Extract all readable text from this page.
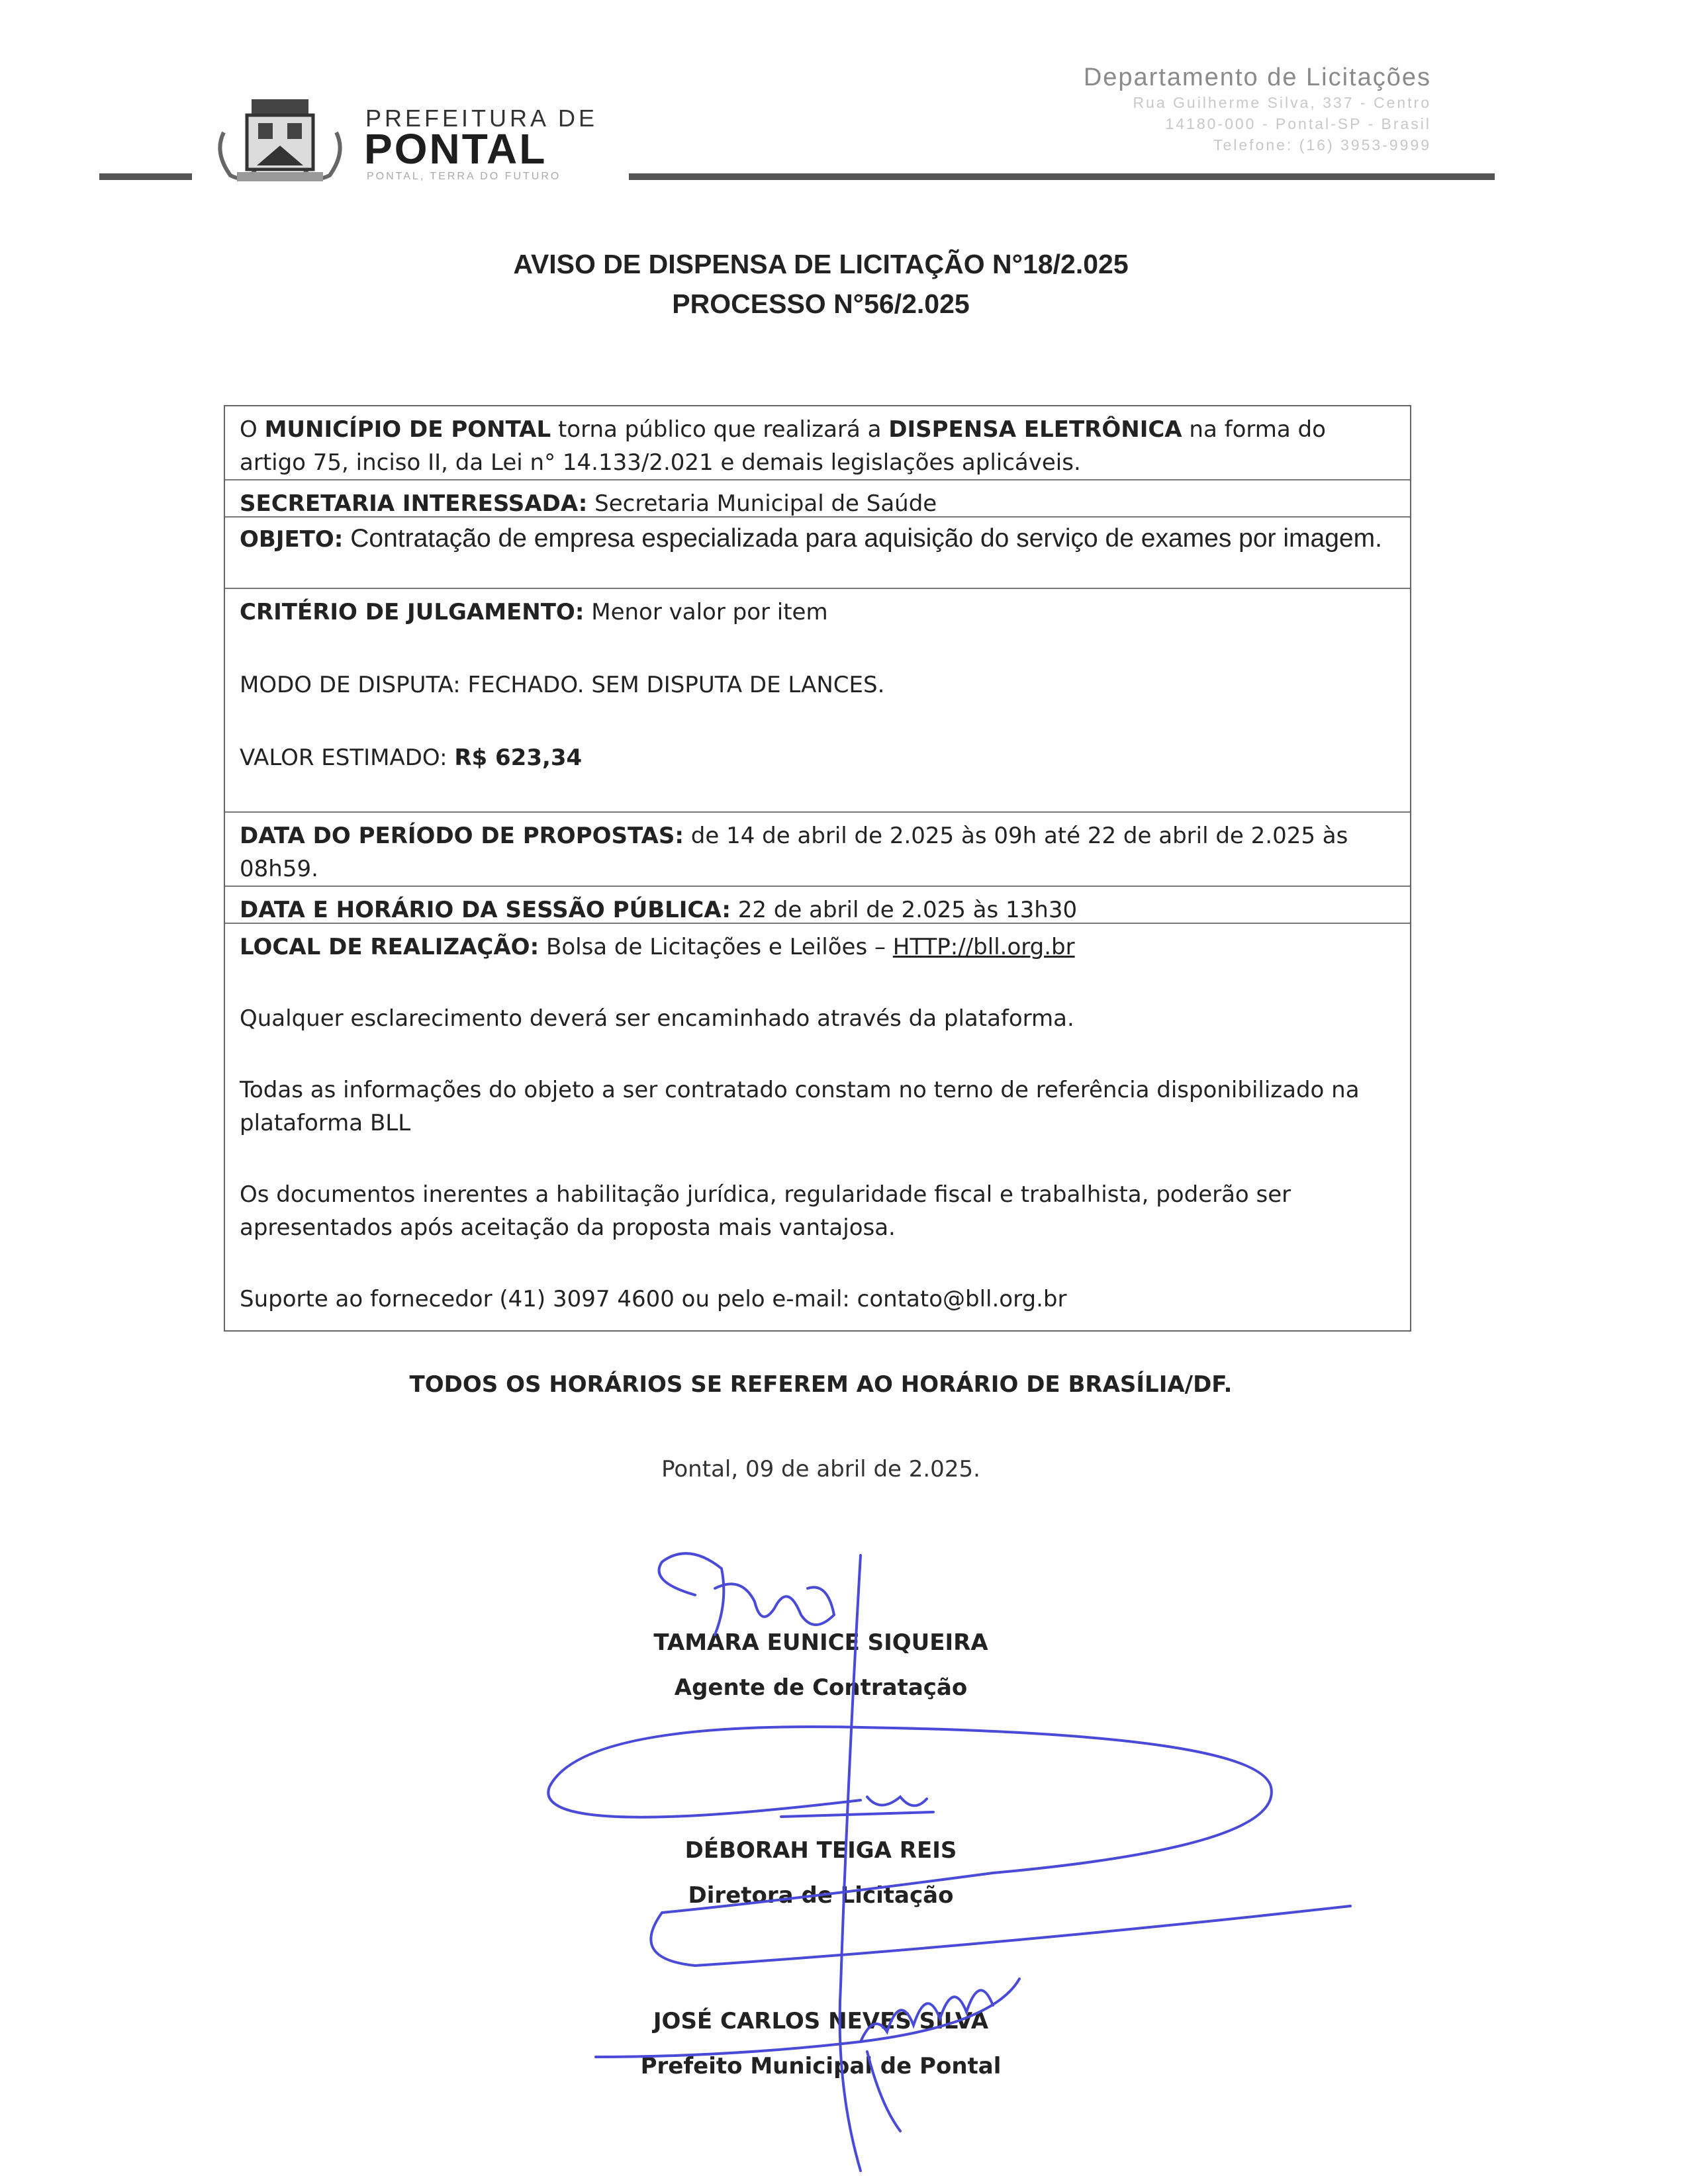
PREFEITURA DE
PONTAL
PONTAL, TERRA DO FUTURO
Departamento de Licitações
Rua Guilherme Silva, 337 - Centro
14180-000 - Pontal-SP - Brasil
Telefone: (16) 3953-9999
AVISO DE DISPENSA DE LICITAÇÃO N°18/2.025
PROCESSO N°56/2.025
O MUNICÍPIO DE PONTAL torna público que realizará a DISPENSA ELETRÔNICA na forma do artigo 75, inciso II, da Lei n° 14.133/2.021 e demais legislações aplicáveis.
SECRETARIA INTERESSADA: Secretaria Municipal de Saúde
OBJETO: Contratação de empresa especializada para aquisição do serviço de exames por imagem.

CRITÉRIO DE JULGAMENTO: Menor valor por item

MODO DE DISPUTA: FECHADO. SEM DISPUTA DE LANCES.

VALOR ESTIMADO: R$ 623,34

DATA DO PERÍODO DE PROPOSTAS: de 14 de abril de 2.025 às 09h até 22 de abril de 2.025 às 08h59.
DATA E HORÁRIO DA SESSÃO PÚBLICA: 22 de abril de 2.025 às 13h30

LOCAL DE REALIZAÇÃO: Bolsa de Licitações e Leilões – HTTP://bll.org.br

Qualquer esclarecimento deverá ser encaminhado através da plataforma.

Todas as informações do objeto a ser contratado constam no terno de referência disponibilizado na plataforma BLL

Os documentos inerentes a habilitação jurídica, regularidade fiscal e trabalhista, poderão ser apresentados após aceitação da proposta mais vantajosa.

Suporte ao fornecedor (41) 3097 4600 ou pelo e-mail: contato@bll.org.br

TODOS OS HORÁRIOS SE REFEREM AO HORÁRIO DE BRASÍLIA/DF.
Pontal, 09 de abril de 2.025.
TAMARA EUNICE SIQUEIRA
Agente de Contratação
DÉBORAH TEIGA REIS
Diretora de Licitação
JOSÉ CARLOS NEVES SILVA
Prefeito Municipal de Pontal
